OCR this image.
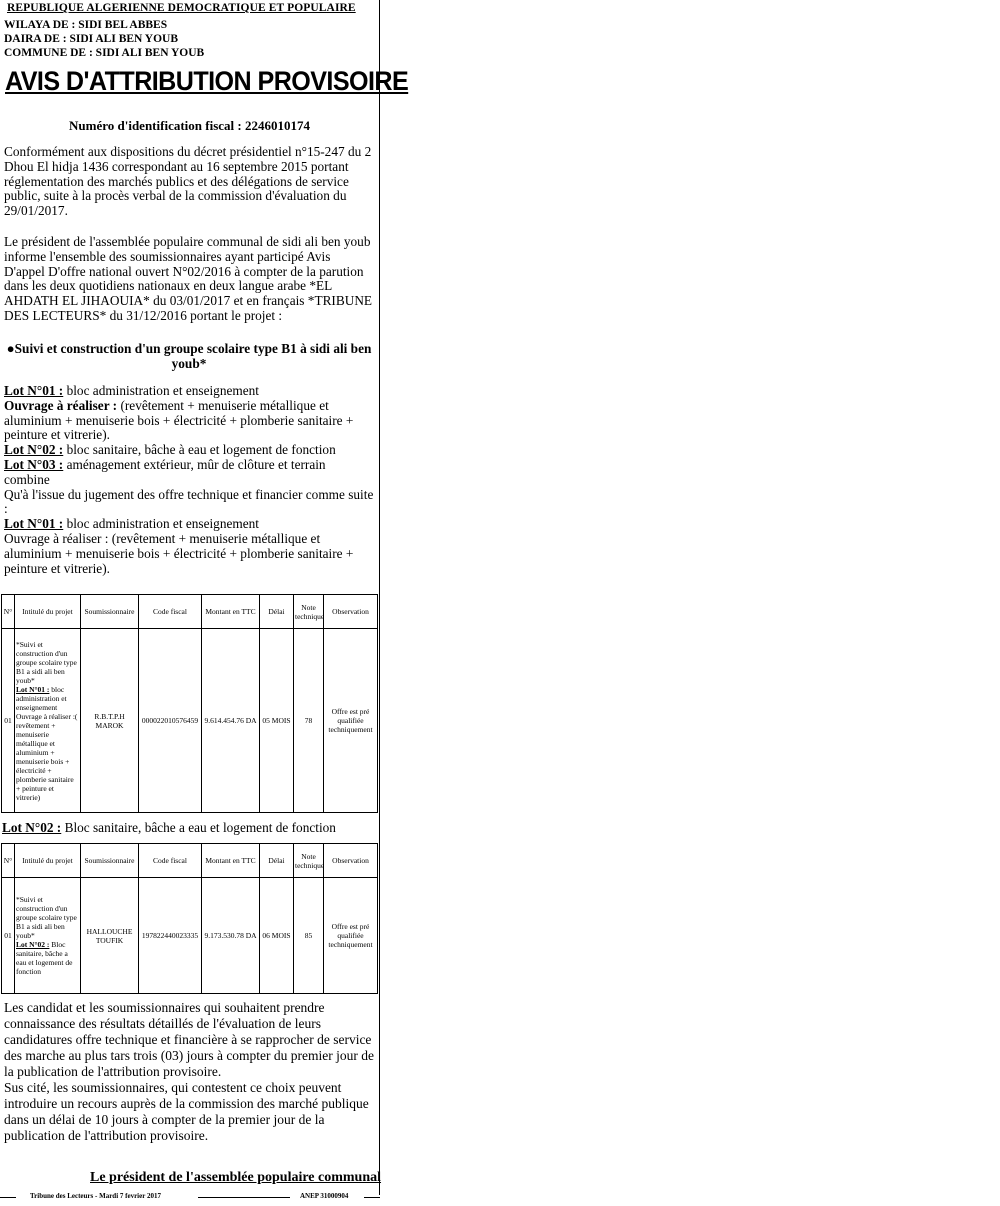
REPUBLIQUE ALGERIENNE DEMOCRATIQUE ET POPULAIRE
WILAYA DE : SIDI BEL ABBES
DAIRA DE : SIDI ALI BEN YOUB
COMMUNE DE : SIDI ALI BEN YOUB
AVIS D'ATTRIBUTION PROVISOIRE
Numéro d'identification fiscal : 2246010174

Conformément aux dispositions du décret présidentiel n°15-247 du 2 Dhou El hidja 1436 correspondant au 16 septembre 2015 portant réglementation des marchés publics et des délégations de service public, suite à la procès verbal de la commission d'évaluation du 29/01/2017.

Le président de l'assemblée populaire communal de sidi ali ben youb informe l'ensemble des soumissionnaires ayant participé Avis D'appel D'offre national ouvert N°02/2016 à compter de la parution dans les deux quotidiens nationaux en deux langue arabe *EL AHDATH EL JIHAOUIA* du 03/01/2017 et en français *TRIBUNE DES LECTEURS* du 31/12/2016 portant le projet :

●Suivi et construction d'un groupe scolaire type B1 à sidi ali ben youb*

Lot N°01 : bloc administration et enseignement

Ouvrage à réaliser : (revêtement + menuiserie métallique et aluminium + menuiserie bois + électricité + plomberie sanitaire + peinture et vitrerie).

Lot N°02 : bloc sanitaire, bâche à eau et logement de fonction

Lot N°03 : aménagement extérieur, mûr de clôture et terrain combine

Qu'à l'issue du jugement des offre technique et financier comme suite :

Lot N°01 : bloc administration et enseignement

Ouvrage à réaliser : (revêtement + menuiserie métallique et aluminium + menuiserie bois + électricité + plomberie sanitaire + peinture et vitrerie).

N°	Intitulé du projet	Soumissionnaire	Code fiscal	Montant en TTC	Délai	Note technique	Observation
01	*Suivi et construction d'un groupe scolaire type B1 a sidi ali ben youb*
Lot N°01 : bloc administration et enseignement Ouvrage à réaliser :( revêtement + menuiserie métallique et aluminium + menuiserie bois + électricité + plomberie sanitaire + peinture et vitrerie)	R.B.T.P.H MAROK	000022010576459	9.614.454.76 DA	05 MOIS	78	Offre est pré qualifiée techniquement
Lot N°02 : Bloc sanitaire, bâche a eau et logement de fonction
N°	Intitulé du projet	Soumissionnaire	Code fiscal	Montant en TTC	Délai	Note technique	Observation
01	*Suivi et construction d'un groupe scolaire type B1 a sidi ali ben youb*
Lot N°02 : Bloc sanitaire, bâche a eau et logement de fonction	HALLOUCHE TOUFIK	197822440023335	9.173.530.78 DA	06 MOIS	85	Offre est pré qualifiée techniquement

Les candidat et les soumissionnaires qui souhaitent prendre connaissance des résultats détaillés de l'évaluation de leurs candidatures offre technique et financière à se rapprocher de service des marche au plus tars trois (03) jours à compter du premier jour de la publication de l'attribution provisoire.

Sus cité, les soumissionnaires, qui contestent ce choix peuvent introduire un recours auprès de la commission des marché publique dans un délai de 10 jours à compter de la premier jour de la publication de l'attribution provisoire.

Le président de l'assemblée populaire communal
Tribune des Lecteurs - Mardi 7 fevrier 2017	ANEP 31000904
